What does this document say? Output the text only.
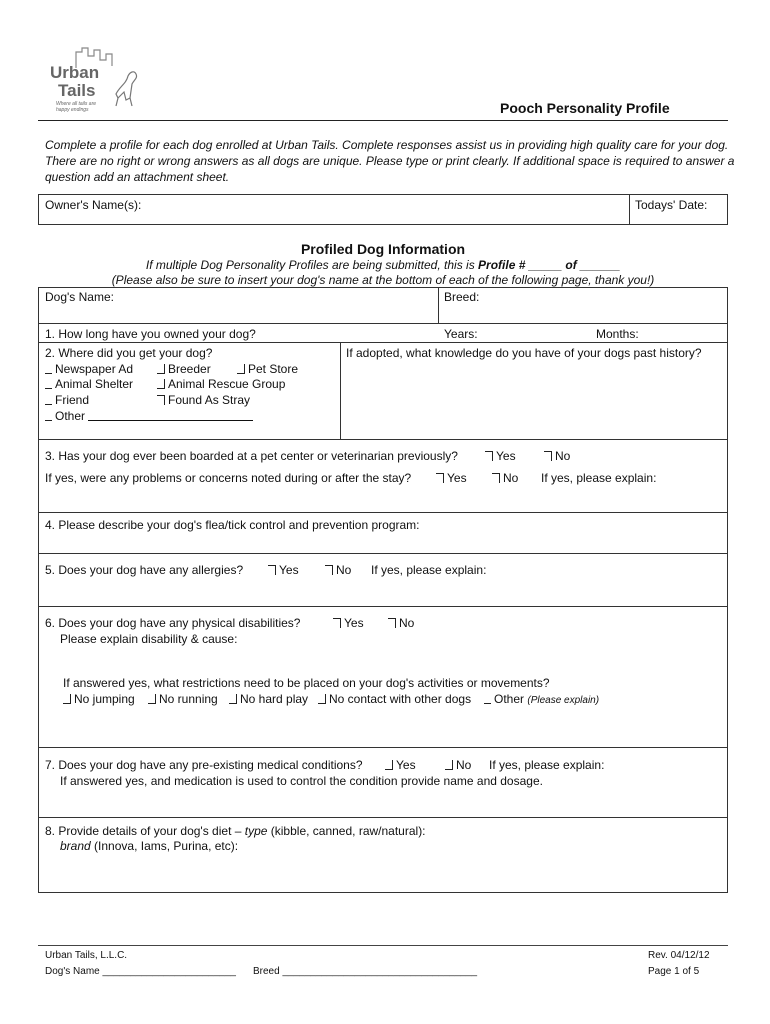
Urban
Tails
Where all tails are happy endings	Pooch Personality Profile
Complete a profile for each dog enrolled at Urban Tails. Complete responses assist us in providing high quality care for your dog. There are no right or wrong answers as all dogs are unique. Please type or print clearly. If additional space is required to answer a question add an attachment sheet.
Owner's Name(s):	Todays' Date:
Profiled Dog Information
If multiple Dog Personality Profiles are being submitted, this is Profile # _____ of ______
(Please also be sure to insert your dog's name at the bottom of each of the following page, thank you!)
Dog's Name:	Breed:
1. How long have you owned your dog?	Years:	Months:
2. Where did you get your dog?	If adopted, what knowledge do you have of your dogs past history?
Newspaper Ad	Breeder	Pet Store
Animal Shelter	Animal Rescue Group
Friend	Found As Stray
Other
3. Has your dog ever been boarded at a pet center or veterinarian previously?	Yes	No
If yes, were any problems or concerns noted during or after the stay?	Yes	No If yes, please explain:
4. Please describe your dog's flea/tick control and prevention program:
5. Does your dog have any allergies?	Yes	No If yes, please explain:
6. Does your dog have any physical disabilities?	Yes	No
Please explain disability & cause:
If answered yes, what restrictions need to be placed on your dog's activities or movements?
No jumping	No running	No hard play	No contact with other dogs	Other (Please explain)
7. Does your dog have any pre-existing medical conditions?	Yes	No If yes, please explain:
If answered yes, and medication is used to control the condition provide name and dosage.
8. Provide details of your dog's diet – type (kibble, canned, raw/natural):
brand (Innova, Iams, Purina, etc):
Urban Tails, L.L.C.
Dog's Name ________________________ Breed ___________________________________
Rev. 04/12/12
Page 1 of 5
